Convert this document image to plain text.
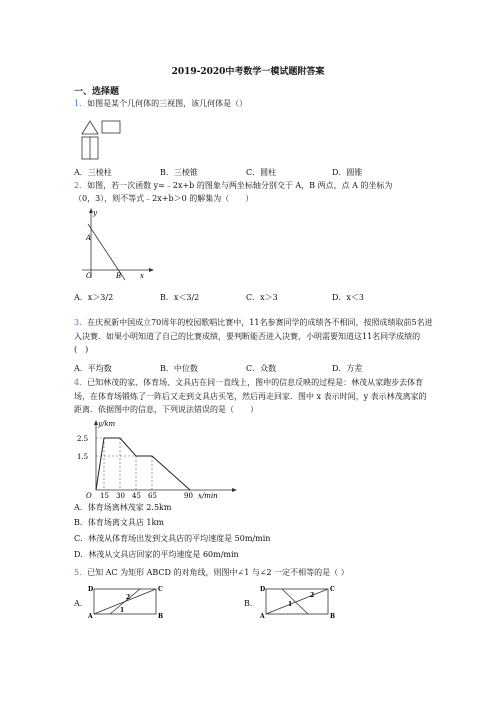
2019-2020中考数学一模试题附答案
一、选择题
1．如图是某个几何体的三视图，该几何体是（）
A．三棱柱	B．三棱锥	C．圆柱	D．圆锥
2．如图，若一次函数 y=﹣2x+b 的图象与两坐标轴分别交于 A，B 两点，点 A 的坐标为
（0，3），则不等式﹣2x+b＞0 的解集为（　　）
y
A
O	B	x
A．x＞3/2	B．x＜3/2	C．x＞3	D．x＜3
3．在庆祝新中国成立70周年的校园歌唱比赛中，11名参赛同学的成绩各不相同，按照成绩取前5名进入决赛．如果小明知道了自己的比赛成绩，要判断能否进入决赛，小明需要知道这11名同学成绩的(　)
A．平均数	B．中位数	C．众数	D．方差
4．已知林茂的家、体育场、文具店在同一直线上，图中的信息反映的过程是：林茂从家跑步去体育场，在体育场锻炼了一阵后又走到文具店买笔，然后再走回家．图中 x 表示时间，y 表示林茂离家的距离．依据图中的信息，下列说法错误的是（　　）
y/km
2.5
1.5
O 15 30 45 65	90 x/min
A．体育场离林茂家 2.5km
B．体育场离文具店 1km
C．林茂从体育场出发到文具店的平均速度是 50m/min
D．林茂从文具店回家的平均速度是 60m/min
5．已知 AC 为矩形 ABCD 的对角线，则图中∠1 与∠2 一定不相等的是（ ）
A．
D	C
A	B
2
1
B．
D	C
A	B
2
1
